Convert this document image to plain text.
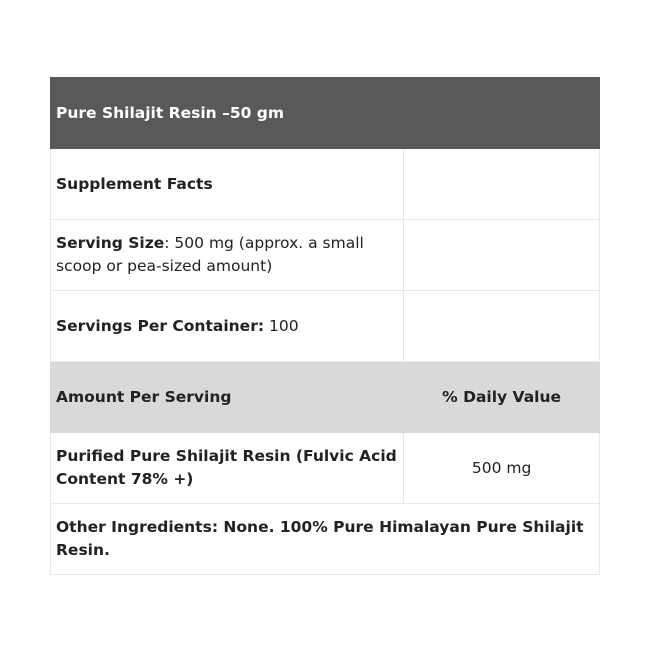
Pure Shilajit Resin –50 gm	
Supplement Facts	
Serving Size: 500 mg (approx. a small scoop or pea-sized amount)	
Servings Per Container: 100	
Amount Per Serving	% Daily Value
Purified Pure Shilajit Resin (Fulvic Acid Content 78% +)	500 mg
Other Ingredients: None. 100% Pure Himalayan Pure Shilajit Resin.	
